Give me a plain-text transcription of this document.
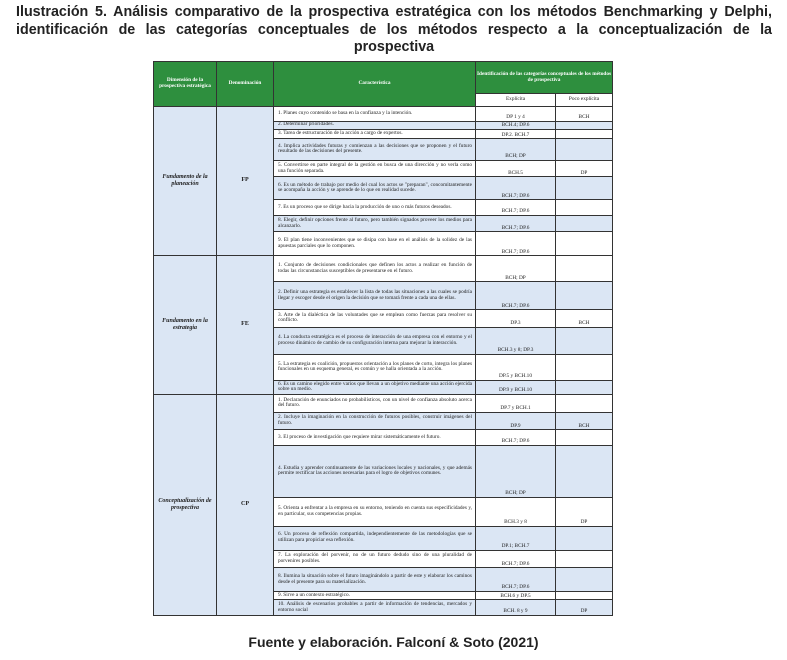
Ilustración 5. Análisis comparativo de la prospectiva estratégica con los métodos Benchmarking y Delphi, identificación de las categorías conceptuales de los métodos respecto a la conceptualización de la prospectiva
Dimensión de la prospectiva estratégica	Denominación	Característica	Identificación de las categorías conceptuales de los métodos de prospectiva	
			Explícita	Poco explícita
Fundamento de la planeación	FP	1. Planes cuyo contenido se basa en la confianza y la intención.	DP 1 y 4	BCH
		2. Determinar prioridades.	BCH.4; DP.6	
		3. Tarea de estructuración de la acción a cargo de expertos.	DP.2. BCH.7	
		4. Implica actividades futuras y comienzan a las decisiones que se proponen y el futuro resultado de las decisiones del presente.	BCH; DP	
		5. Convertirse en parte integral de la gestión en busca de una dirección y no verla como una función separada.	BCH.5	DP
		6. Es un método de trabajo por medio del cual los actos se "preparan", concomitantemente se acompaña la acción y se aprende de lo que en realidad sucede.	BCH.7; DP.6	
		7. Es un proceso que se dirige hacia la producción de uno o más futuros deseados.	BCH.7; DP.6	
		8. Elegir, definir opciones frente al futuro, pero también signados proveer los medios para alcanzarlo.	BCH.7; DP.6	
		9. El plan tiene inconvenientes que se disipa con base en el análisis de la solidez de las apuestas parciales que lo componen.	BCH.7; DP.6	
Fundamento en la estrategia	FE	1. Conjunto de decisiones condicionales que definen los actos a realizar en función de todas las circunstancias susceptibles de presentarse en el futuro.	BCH; DP	
		2. Definir una estrategia es establecer la lista de todas las situaciones a las cuales se podría llegar y escoger desde el origen la decisión que se tomará frente a cada una de ellas.	BCH.7; DP.6	
		3. Arte de la dialéctica de las voluntades que se emplean como fuerzas para resolver su conflicto.	DP.3	BCH
		4. La conducta estratégica es el proceso de interacción de una empresa con el entorno y el proceso dinámico de cambio de su configuración interna para mejorar la interacción.	BCH.3 y 8; DP.3	
		5. La estrategia es coalición, propuestos orientación a los planes de corto, integra los planes funcionales en un esquema general, es común y se halla orientada a la acción.	DP.5 y BCH.10	
		6. Es un camino elegido entre varios que llevan a un objetivo mediante una acción ejercida sobre un medio.	DP.9 y BCH.10	
Conceptualización de prospectiva	CP	1. Declaración de enunciados no probabilísticos, con un nivel de confianza absoluto acerca del futuro.	DP.7 y BCH.1	
		2. Incluye la imaginación en la construcción de futuros posibles, construir imágenes del futuro.	DP.9	BCH
		3. El proceso de investigación que requiere mirar sistemáticamente el futuro.	BCH.7; DP.6	
		4. Estudia y aprender continuamente de las variaciones locales y nacionales, y que además permite rectificar las acciones necesarias para el logro de objetivos comunes.	BCH; DP	
		5. Orienta a enfrentar a la empresa en su entorno, teniendo en cuenta sus especificidades y, en particular, sus competencias propias.	BCH.3 y 8	DP
		6. Un proceso de reflexión compartida, independientemente de las metodologías que se utilizan para propiciar esa reflexión.	DP.1; BCH.7	
		7. La exploración del porvenir, no de un futuro dedudo sino de una pluralidad de porvenires posibles.	BCH.7; DP.6	
		8. Ilumina la situación sobre el futuro imaginándolo a partir de este y elaborar los caminos desde el presente para su materialización.	BCH.7; DP.6	
		9. Sirve a un contexto estratégico.	BCH.6 y DP.5	
		10. Análisis de escenarios probables a partir de información de tendencias, mercados y entorno social	BCH. 8 y 9	DP
Fuente y elaboración. Falconí & Soto (2021)
